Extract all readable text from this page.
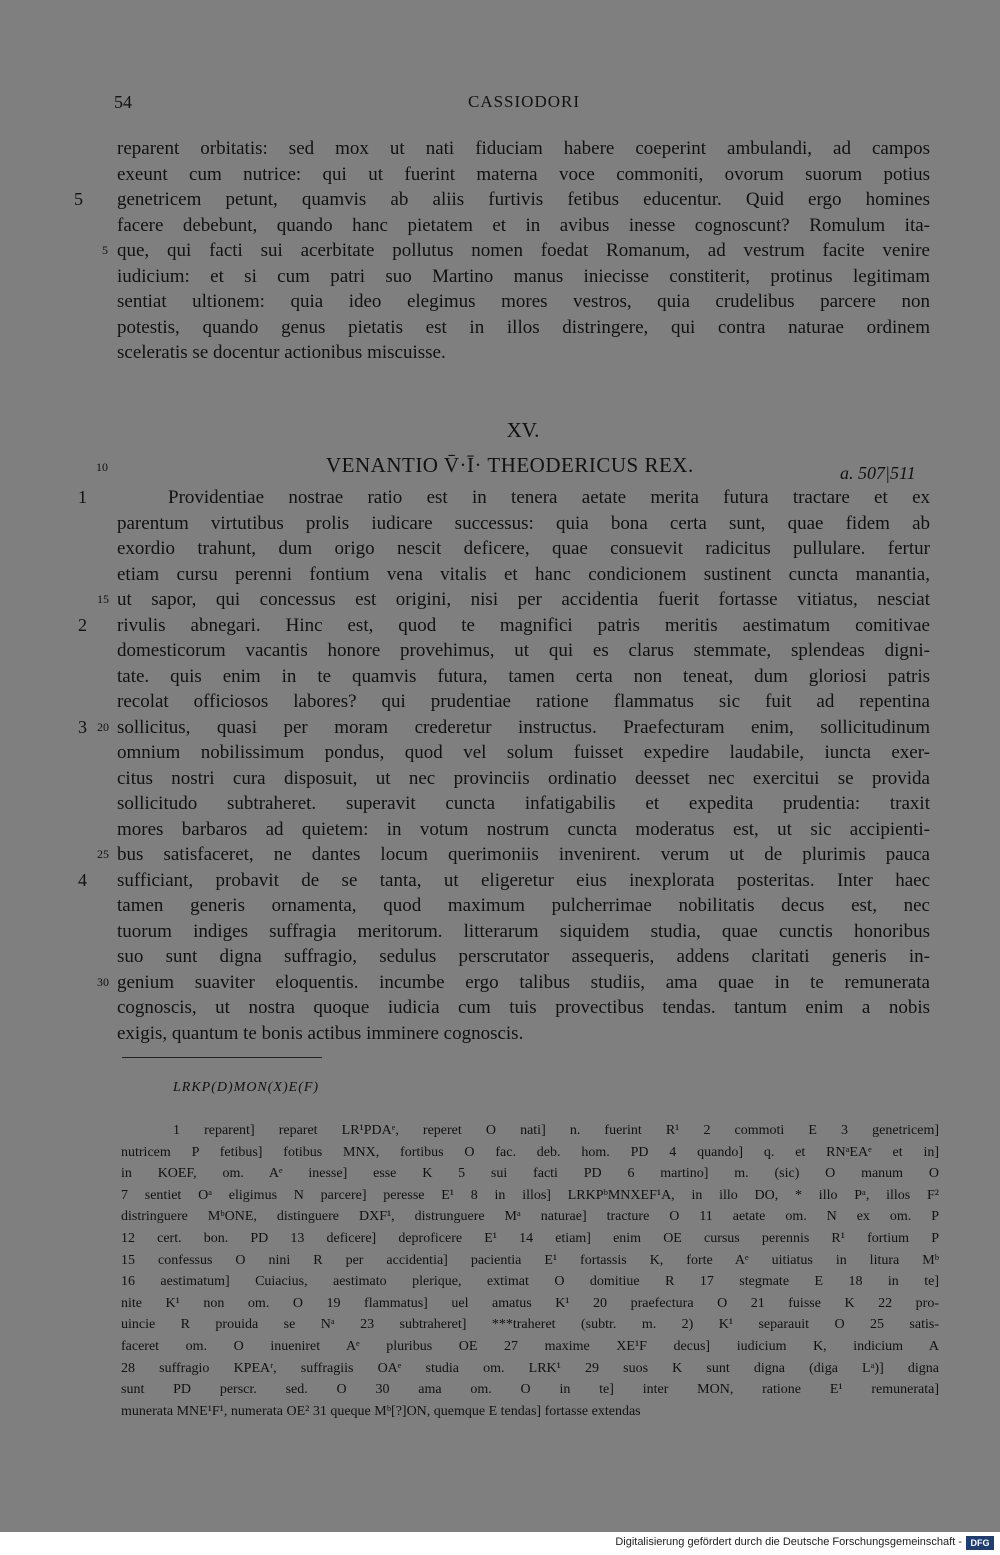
54	CASSIODORI
reparent orbitatis: sed mox ut nati fiduciam habere coeperint ambulandi, ad campos
exeunt cum nutrice: qui ut fuerint materna voce commoniti, ovorum suorum potius
genetricem petunt, quamvis ab aliis furtivis fetibus educentur. Quid ergo homines
facere debebunt, quando hanc pietatem et in avibus inesse cognoscunt? Romulum ita-
que, qui facti sui acerbitate pollutus nomen foedat Romanum, ad vestrum facite venire
iudicium: et si cum patri suo Martino manus iniecisse constiterit, protinus legitimam
sentiat ultionem: quia ideo elegimus mores vestros, quia crudelibus parcere non
potestis, quando genus pietatis est in illos distringere, qui contra naturae ordinem
sceleratis se docentur actionibus miscuisse.
5
5
XV.
VENANTIO V̄·Ī· THEODERICUS REX.	a. 507|511
10
Providentiae nostrae ratio est in tenera aetate merita futura tractare et ex
parentum virtutibus prolis iudicare successus: quia bona certa sunt, quae fidem ab
exordio trahunt, dum origo nescit deficere, quae consuevit radicitus pullulare. fertur
etiam cursu perenni fontium vena vitalis et hanc condicionem sustinent cuncta manantia,
ut sapor, qui concessus est origini, nisi per accidentia fuerit fortasse vitiatus, nesciat
rivulis abnegari. Hinc est, quod te magnifici patris meritis aestimatum comitivae
domesticorum vacantis honore provehimus, ut qui es clarus stemmate, splendeas digni-
tate. quis enim in te quamvis futura, tamen certa non teneat, dum gloriosi patris
recolat officiosos labores? qui prudentiae ratione flammatus sic fuit ad repentina
sollicitus, quasi per moram crederetur instructus. Praefecturam enim, sollicitudinum
omnium nobilissimum pondus, quod vel solum fuisset expedire laudabile, iuncta exer-
citus nostri cura disposuit, ut nec provinciis ordinatio deesset nec exercitui se provida
sollicitudo subtraheret. superavit cuncta infatigabilis et expedita prudentia: traxit
mores barbaros ad quietem: in votum nostrum cuncta moderatus est, ut sic accipienti-
bus satisfaceret, ne dantes locum querimoniis invenirent. verum ut de plurimis pauca
sufficiant, probavit de se tanta, ut eligeretur eius inexplorata posteritas. Inter haec
tamen generis ornamenta, quod maximum pulcherrimae nobilitatis decus est, nec
tuorum indiges suffragia meritorum. litterarum siquidem studia, quae cunctis honoribus
suo sunt digna suffragio, sedulus perscrutator assequeris, addens claritati generis in-
genium suaviter eloquentis. incumbe ergo talibus studiis, ama quae in te remunerata
cognoscis, ut nostra quoque iudicia cum tuis provectibus tendas. tantum enim a nobis
exigis, quantum te bonis actibus imminere cognoscis.
1
15
2
3 20
25
4
30
LRKP(D)MON(X)E(F)
1 reparent] reparet LR¹PDAᵉ, reperet O nati] n. fuerint R¹ 2 commoti E 3 genetricem]
nutricem P fetibus] fotibus MNX, fortibus O fac. deb. hom. PD 4 quando] q. et RNᵃEAᵉ et in]
in KOEF, om. Aᵉ inesse] esse K 5 sui facti PD 6 martino] m. (sic) O manum O
7 sentiet Oᵃ eligimus N parcere] peresse E¹ 8 in illos] LRKPᵇMNXEF¹A, in illo DO, * illo Pᵃ, illos F²
distringuere MᵇONE, distinguere DXF¹, distrunguere Mᵃ naturae] tracture O 11 aetate om. N ex om. P
12 cert. bon. PD 13 deficere] deproficere E¹ 14 etiam] enim OE cursus perennis R¹ fortium P
15 confessus O nini R per accidentia] pacientia E¹ fortassis K, forte Aᵉ uitiatus in litura Mᵇ
16 aestimatum] Cuiacius, aestimato plerique, extimat O domitiue R 17 stegmate E 18 in te]
nite K¹ non om. O 19 flammatus] uel amatus K¹ 20 praefectura O 21 fuisse K 22 pro-
uincie R prouida se Nᵃ 23 subtraheret] ***traheret (subtr. m. 2) K¹ separauit O 25 satis-
faceret om. O inueniret Aᵉ pluribus OE 27 maxime XE¹F decus] iudicium K, indicium A
28 suffragio KPEAʳ, suffragiis OAᵉ studia om. LRK¹ 29 suos K sunt digna (diga Lᵃ)] digna
sunt PD perscr. sed. O 30 ama om. O in te] inter MON, ratione E¹ remunerata]
munerata MNE¹F¹, numerata OE² 31 queque Mᵇ[?]ON, quemque E tendas] fortasse extendas
Digitalisierung gefördert durch die Deutsche Forschungsgemeinschaft - DFG
